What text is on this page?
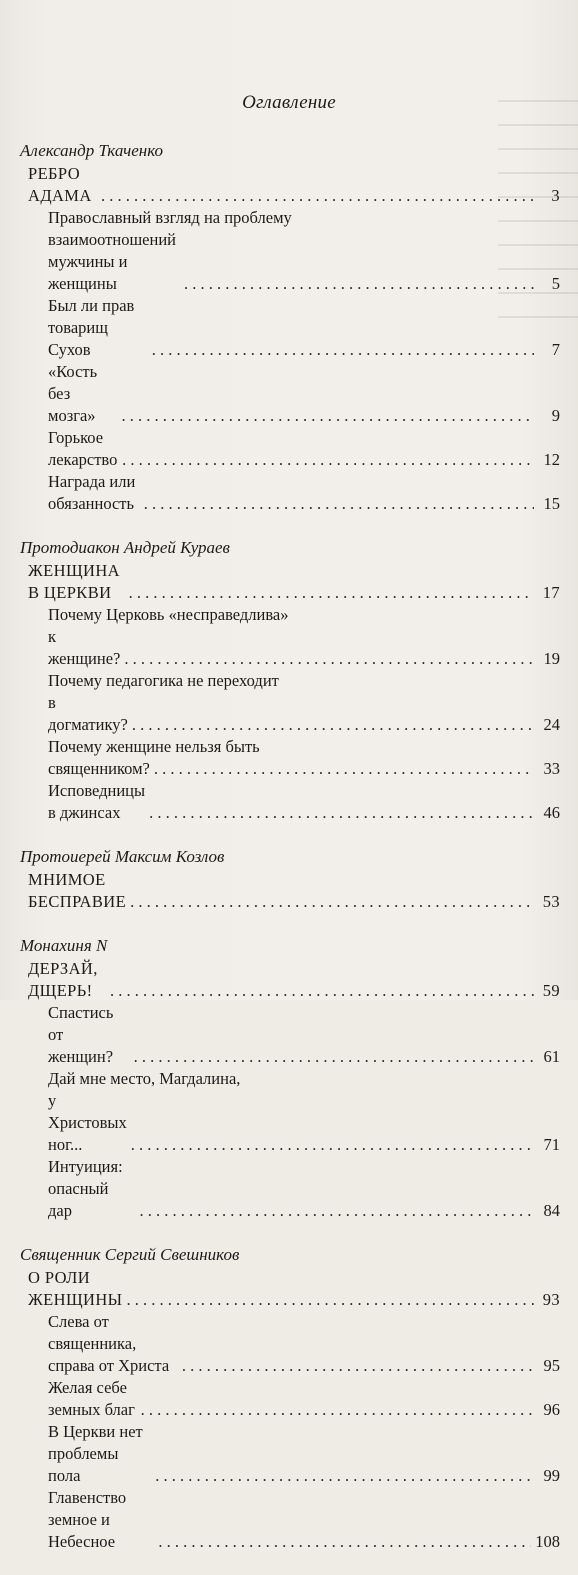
Оглавление
Александр Ткаченко
РЕБРО АДАМА . . .	3
Православный взгляд на проблему
взаимоотношений мужчины и женщины . . .	5
Был ли прав товарищ Сухов . . .	7
«Кость без мозга» . . .	9
Горькое лекарство . . .	12
Награда или обязанность . . .	15
Протодиакон Андрей Кураев
ЖЕНЩИНА В ЦЕРКВИ . . .	17
Почему Церковь «несправедлива»
к женщине? . . .	19
Почему педагогика не переходит
в догматику? . . .	24
Почему женщине нельзя быть
священником? . . .	33
Исповедницы в джинсах . . .	46
Протоиерей Максим Козлов
МНИМОЕ БЕСПРАВИЕ . . .	53
Монахиня N
ДЕРЗАЙ, ДЩЕРЬ! . . .	59
Спастись от женщин? . . .	61
Дай мне место, Магдалина,
у Христовых ног... . . .	71
Интуиция: опасный дар . . .	84
Священник Сергий Свешников
О РОЛИ ЖЕНЩИНЫ . . .	93
Слева от священника, справа от Христа . . .	95
Желая себе земных благ . . .	96
В Церкви нет проблемы пола . . .	99
Главенство земное и Небесное . . .	108
